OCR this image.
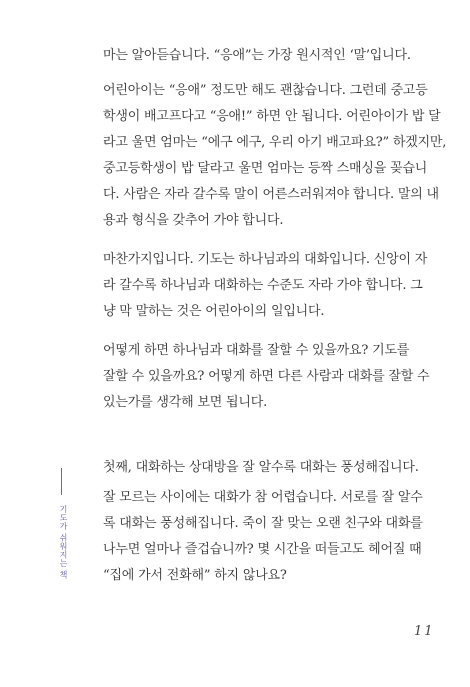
마는 알아듣습니다. “응애”는 가장 원시적인 ‘말’입니다.
어린아이는 “응애” 정도만 해도 괜찮습니다. 그런데 중고등
학생이 배고프다고 “응애!” 하면 안 됩니다. 어린아이가 밥 달
라고 울면 엄마는 “에구 에구, 우리 아기 배고파요?” 하겠지만,
중고등학생이 밥 달라고 울면 엄마는 등짝 스매싱을 꽂습니
다. 사람은 자라 갈수록 말이 어른스러워져야 합니다. 말의 내
용과 형식을 갖추어 가야 합니다.
마찬가지입니다. 기도는 하나님과의 대화입니다. 신앙이 자
라 갈수록 하나님과 대화하는 수준도 자라 가야 합니다. 그
냥 막 말하는 것은 어린아이의 일입니다.
어떻게 하면 하나님과 대화를 잘할 수 있을까요? 기도를
잘할 수 있을까요? 어떻게 하면 다른 사람과 대화를 잘할 수
있는가를 생각해 보면 됩니다.
첫째, 대화하는 상대방을 잘 알수록 대화는 풍성해집니다.
잘 모르는 사이에는 대화가 참 어렵습니다. 서로를 잘 알수
록 대화는 풍성해집니다. 죽이 잘 맞는 오랜 친구와 대화를
나누면 얼마나 즐겁습니까? 몇 시간을 떠들고도 헤어질 때
“집에 가서 전화해” 하지 않나요?
기도가 쉬워지는 책
11
